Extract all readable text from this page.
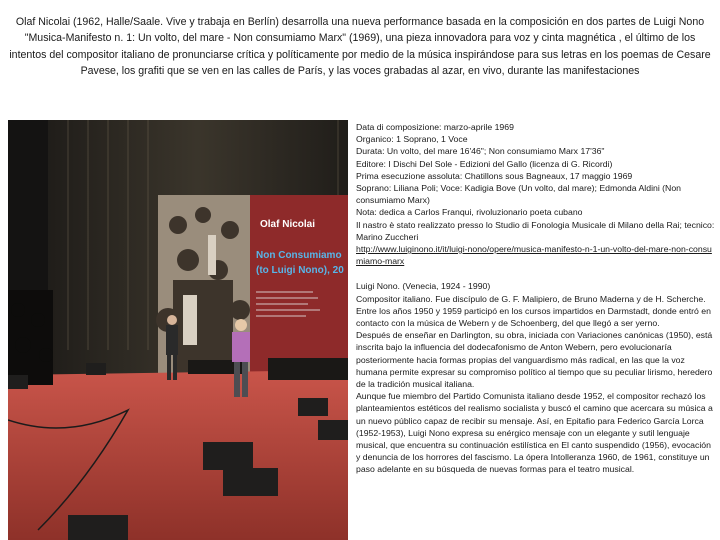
Olaf Nicolai (1962, Halle/Saale. Vive y trabaja en Berlín) desarrolla una nueva performance basada en la composición en dos partes de Luigi Nono "Musica-Manifesto n. 1: Un volto, del mare - Non consumiamo Marx" (1969), una pieza innovadora para voz y cinta magnética , el último de los intentos del compositor italiano de pronunciarse crítica y políticamente por medio de la música inspirándose para sus letras en los poemas de Cesare Pavese, los grafiti que se ven en las calles de París, y las voces grabadas al azar, en vivo, durante las manifestaciones
Olaf Nicolai
Non Consumiamo
(to Luigi Nono), 20
Data di composizione: marzo-aprile 1969
Organico: 1 Soprano, 1 Voce
Durata: Un volto, del mare 16'46"; Non consumiamo Marx 17'36"
Editore: I Dischi Del Sole - Edizioni del Gallo (licenza di G. Ricordi)
Prima esecuzione assoluta: Chatillons sous Bagneaux, 17 maggio 1969
Soprano: Liliana Poli; Voce: Kadigia Bove (Un volto, dal mare); Edmonda Aldini (Non consumiamo Marx)
Nota: dedica a Carlos Franqui, rivoluzionario poeta cubano
Il nastro è stato realizzato presso lo Studio di Fonologia Musicale di Milano della Rai; tecnico: Marino Zuccheri
http://www.luiginono.it/it/luigi-nono/opere/musica-manifesto-n-1-un-volto-del-mare-non-consumiamo-marx
Luigi Nono. (Venecia, 1924 - 1990)
Compositor italiano. Fue discípulo de G. F. Malipiero, de Bruno Maderna y de H. Scherche. Entre los años 1950 y 1959 participó en los cursos impartidos en Darmstadt, donde entró en contacto con la música de Webern y de Schoenberg, del que llegó a ser yerno.
Después de enseñar en Darlington, su obra, iniciada con Variaciones canónicas (1950), está inscrita bajo la influencia del dodecafonismo de Anton Webern, pero evolucionaría posteriormente hacia formas propias del vanguardismo más radical, en las que la voz humana permite expresar su compromiso político al tiempo que su peculiar lirismo, heredero de la tradición musical italiana.
Aunque fue miembro del Partido Comunista italiano desde 1952, el compositor rechazó los planteamientos estéticos del realismo socialista y buscó el camino que acercara su música a un nuevo público capaz de recibir su mensaje. Así, en Epitafio para Federico García Lorca (1952-1953), Luigi Nono expresa su enérgico mensaje con un elegante y sutil lenguaje musical, que encuentra su continuación estilística en El canto suspendido (1956), evocación y denuncia de los horrores del fascismo. La ópera Intolleranza 1960, de 1961, constituye un paso adelante en su búsqueda de nuevas formas para el teatro musical.
